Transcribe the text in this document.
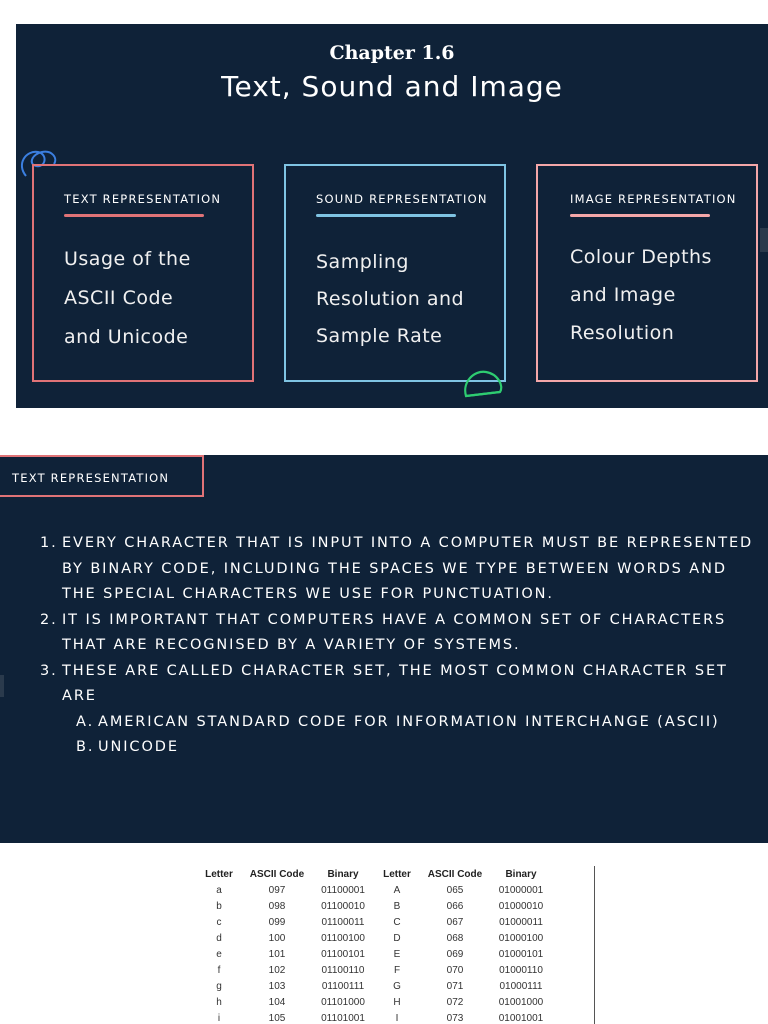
Chapter 1.6
Text, Sound and Image
TEXT REPRESENTATION
Usage of the
ASCII Code
and Unicode
SOUND REPRESENTATION
Sampling
Resolution and
Sample Rate
IMAGE REPRESENTATION
Colour Depths
and Image
Resolution
TEXT REPRESENTATION
1. EVERY CHARACTER THAT IS INPUT INTO A COMPUTER MUST BE REPRESENTED BY BINARY CODE, INCLUDING THE SPACES WE TYPE BETWEEN WORDS AND THE SPECIAL CHARACTERS WE USE FOR PUNCTUATION.
2. IT IS IMPORTANT THAT COMPUTERS HAVE A COMMON SET OF CHARACTERS THAT ARE RECOGNISED BY A VARIETY OF SYSTEMS.
3. THESE ARE CALLED CHARACTER SET, THE MOST COMMON CHARACTER SET ARE
A. AMERICAN STANDARD CODE FOR INFORMATION INTERCHANGE (ASCII)
B. UNICODE
Letter	ASCII Code	Binary	Letter	ASCII Code	Binary
a	097	01100001	A	065	01000001
b	098	01100010	B	066	01000010
c	099	01100011	C	067	01000011
d	100	01100100	D	068	01000100
e	101	01100101	E	069	01000101
f	102	01100110	F	070	01000110
g	103	01100111	G	071	01000111
h	104	01101000	H	072	01001000
i	105	01101001	I	073	01001001
